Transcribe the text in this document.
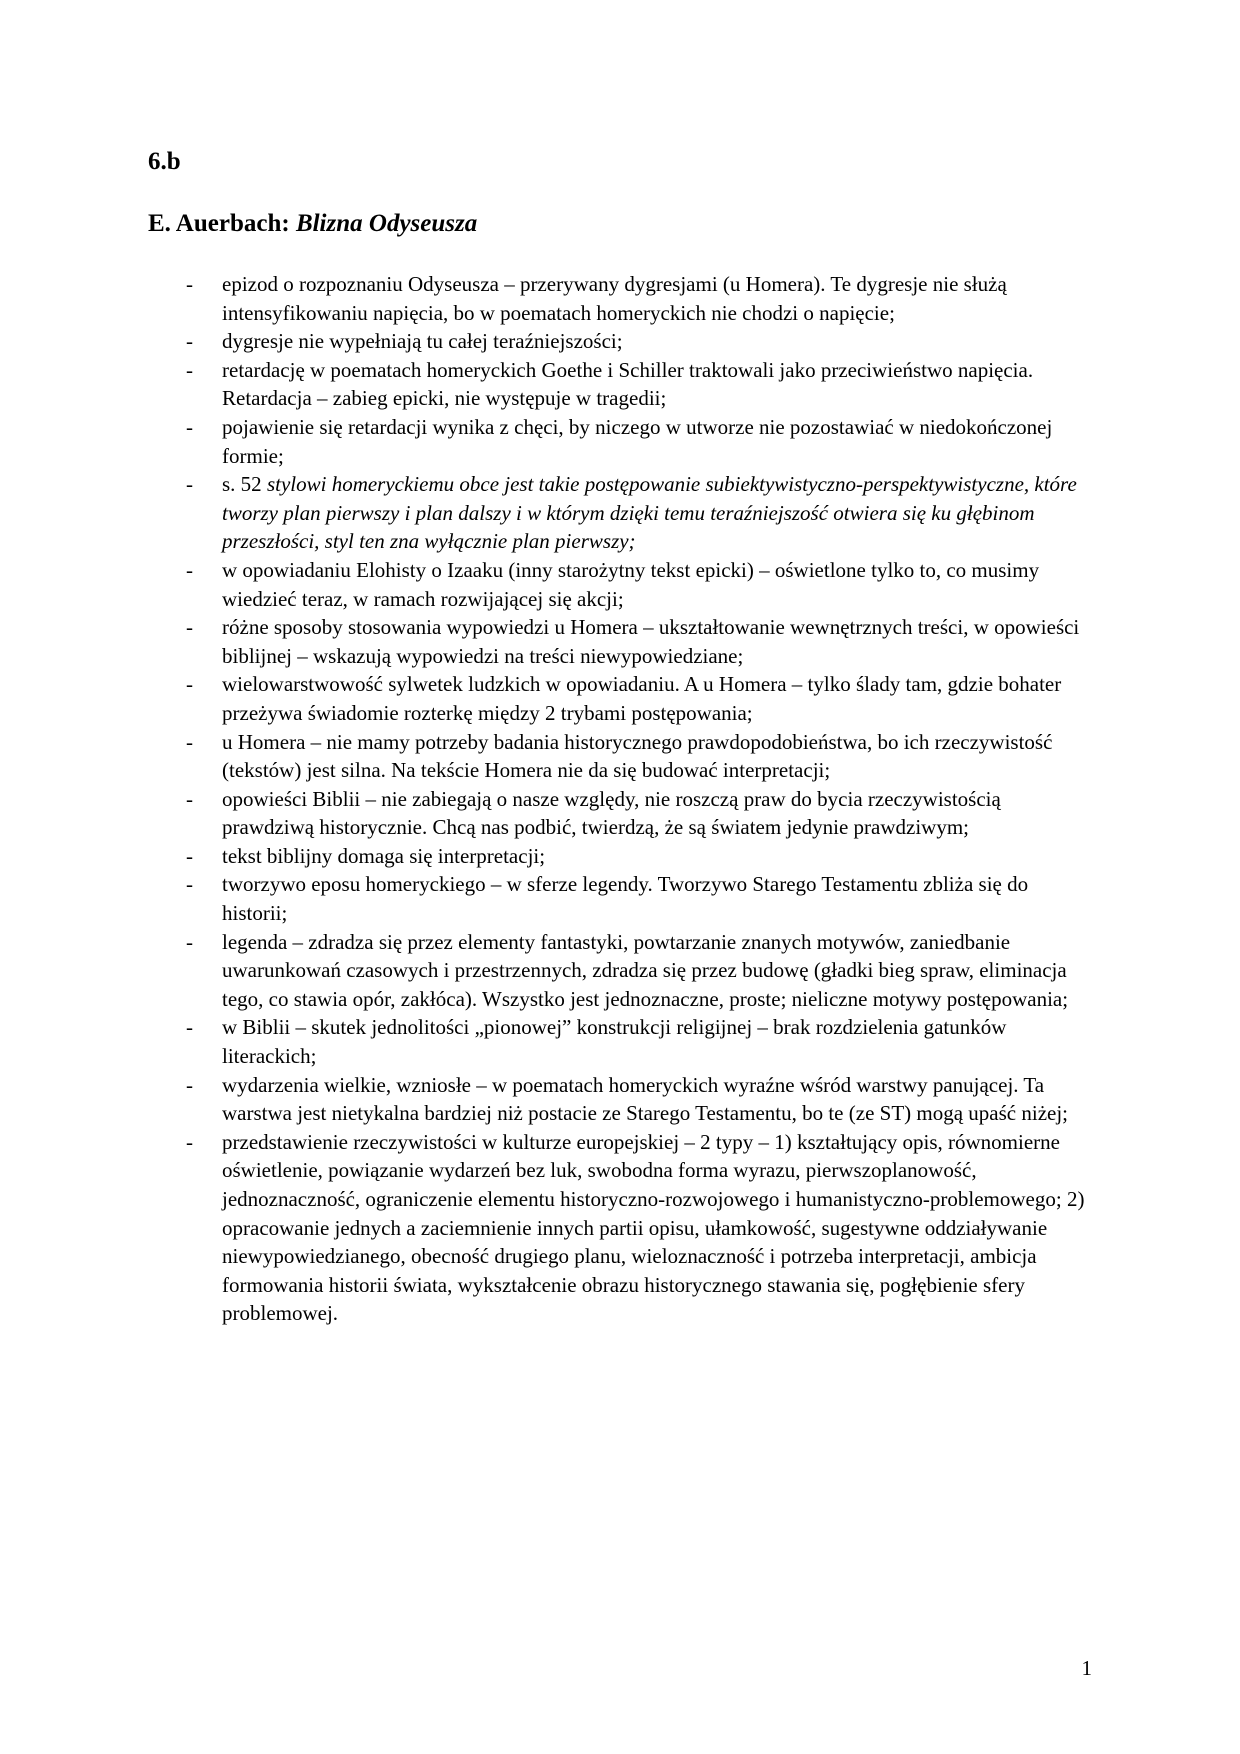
6.b
E. Auerbach: Blizna Odyseusza
- epizod o rozpoznaniu Odyseusza – przerywany dygresjami (u Homera). Te dygresje nie służą intensyfikowaniu napięcia, bo w poematach homeryckich nie chodzi o napięcie;
- dygresje nie wypełniają tu całej teraźniejszości;
- retardację w poematach homeryckich Goethe i Schiller traktowali jako przeciwieństwo napięcia. Retardacja – zabieg epicki, nie występuje w tragedii;
- pojawienie się retardacji wynika z chęci, by niczego w utworze nie pozostawiać w niedokończonej formie;
- s. 52 stylowi homeryckiemu obce jest takie postępowanie subiektywistyczno-perspektywistyczne, które tworzy plan pierwszy i plan dalszy i w którym dzięki temu teraźniejszość otwiera się ku głębinom przeszłości, styl ten zna wyłącznie plan pierwszy;
- w opowiadaniu Elohisty o Izaaku (inny starożytny tekst epicki) – oświetlone tylko to, co musimy wiedzieć teraz, w ramach rozwijającej się akcji;
- różne sposoby stosowania wypowiedzi u Homera – ukształtowanie wewnętrznych treści, w opowieści biblijnej – wskazują wypowiedzi na treści niewypowiedziane;
- wielowarstwowość sylwetek ludzkich w opowiadaniu. A u Homera – tylko ślady tam, gdzie bohater przeżywa świadomie rozterkę między 2 trybami postępowania;
- u Homera – nie mamy potrzeby badania historycznego prawdopodobieństwa, bo ich rzeczywistość (tekstów) jest silna. Na tekście Homera nie da się budować interpretacji;
- opowieści Biblii – nie zabiegają o nasze względy, nie roszczą praw do bycia rzeczywistością prawdziwą historycznie. Chcą nas podbić, twierdzą, że są światem jedynie prawdziwym;
- tekst biblijny domaga się interpretacji;
- tworzywo eposu homeryckiego – w sferze legendy. Tworzywo Starego Testamentu zbliża się do historii;
- legenda – zdradza się przez elementy fantastyki, powtarzanie znanych motywów, zaniedbanie uwarunkowań czasowych i przestrzennych, zdradza się przez budowę (gładki bieg spraw, eliminacja tego, co stawia opór, zakłóca). Wszystko jest jednoznaczne, proste; nieliczne motywy postępowania;
- w Biblii – skutek jednolitości „pionowej” konstrukcji religijnej – brak rozdzielenia gatunków literackich;
- wydarzenia wielkie, wzniosłe – w poematach homeryckich wyraźne wśród warstwy panującej. Ta warstwa jest nietykalna bardziej niż postacie ze Starego Testamentu, bo te (ze ST) mogą upaść niżej;
- przedstawienie rzeczywistości w kulturze europejskiej – 2 typy – 1) kształtujący opis, równomierne oświetlenie, powiązanie wydarzeń bez luk, swobodna forma wyrazu, pierwszoplanowość, jednoznaczność, ograniczenie elementu historyczno-rozwojowego i humanistyczno-problemowego; 2) opracowanie jednych a zaciemnienie innych partii opisu, ułamkowość, sugestywne oddziaływanie niewypowiedzianego, obecność drugiego planu, wieloznaczność i potrzeba interpretacji, ambicja formowania historii świata, wykształcenie obrazu historycznego stawania się, pogłębienie sfery problemowej.
1
